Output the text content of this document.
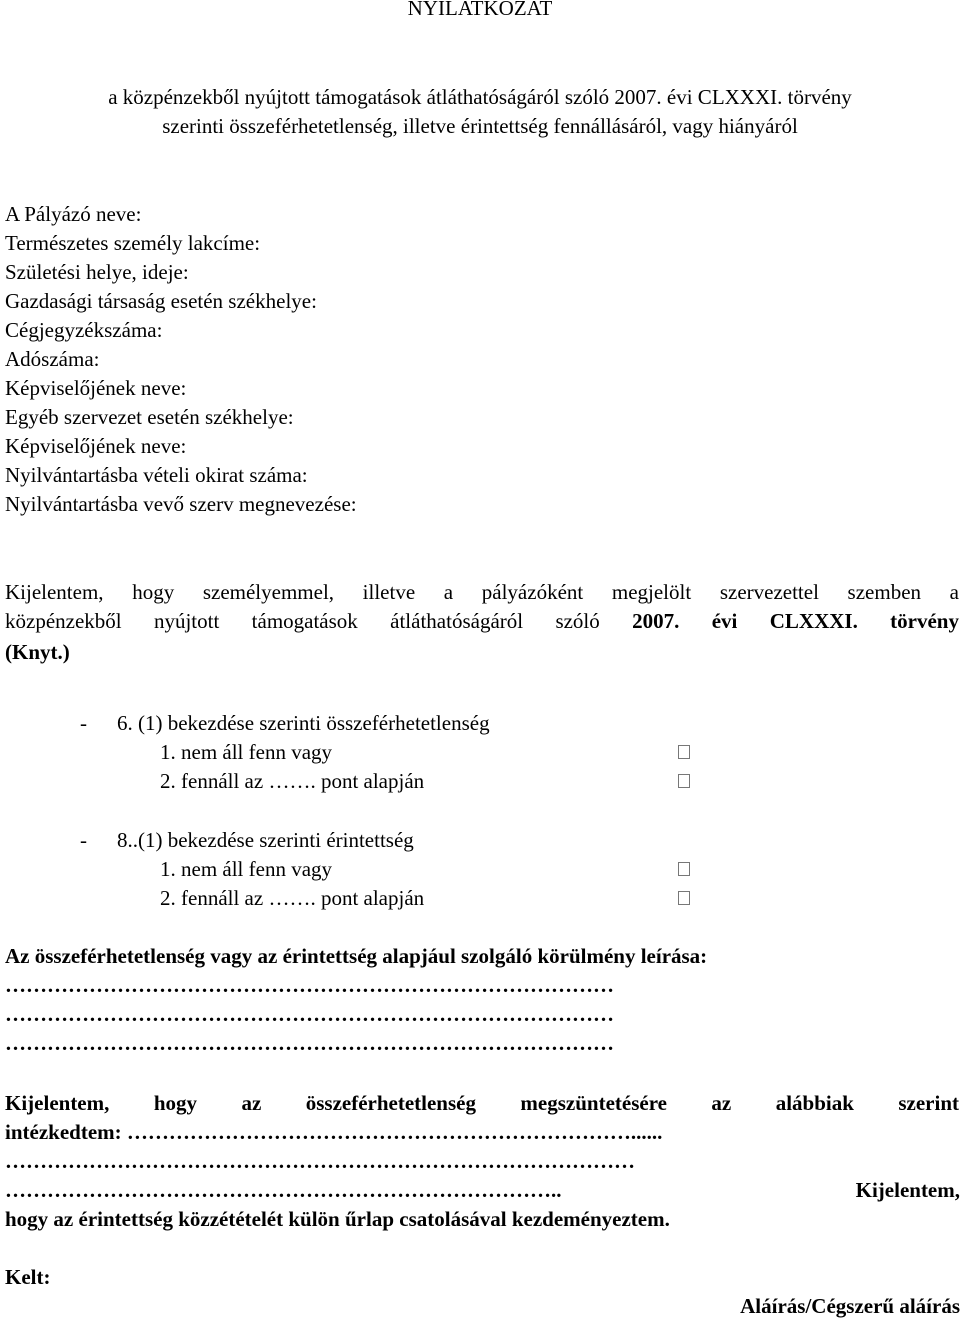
NYILATKOZAT
a közpénzekből nyújtott támogatások átláthatóságáról szóló 2007. évi CLXXXI. törvény
szerinti összeférhetetlenség, illetve érintettség fennállásáról, vagy hiányáról
A Pályázó neve:
Természetes személy lakcíme:
Születési helye, ideje:
Gazdasági társaság esetén székhelye:
Cégjegyzékszáma:
Adószáma:
Képviselőjének neve:
Egyéb szervezet esetén székhelye:
Képviselőjének neve:
Nyilvántartásba vételi okirat száma:
Nyilvántartásba vevő szerv megnevezése:
Kijelentem, hogy személyemmel, illetve a pályázóként megjelölt szervezettel szemben a
közpénzekből nyújtott támogatások átláthatóságáról szóló 2007. évi CLXXXI. törvény
(Knyt.)
- 6. (1) bekezdése szerinti összeférhetetlenség
1. nem áll fenn vagy
2. fennáll az ……. pont alapján
- 8..(1) bekezdése szerinti érintettség
1. nem áll fenn vagy
2. fennáll az ……. pont alapján
Az összeférhetetlenség vagy az érintettség alapjául szolgáló körülmény leírása:
……………………………………………………………………………
……………………………………………………………………………
……………………………………………………………………………
Kijelentem, hogy az összeférhetetlenség megszüntetésére az alábbiak szerint
intézkedtem: ………………………………………………………………......
………………………………………………………………………………
……………………………………………………………………..	Kijelentem,
hogy az érintettség közzétételét külön űrlap csatolásával kezdeményeztem.
Kelt:
Aláírás/Cégszerű aláírás
